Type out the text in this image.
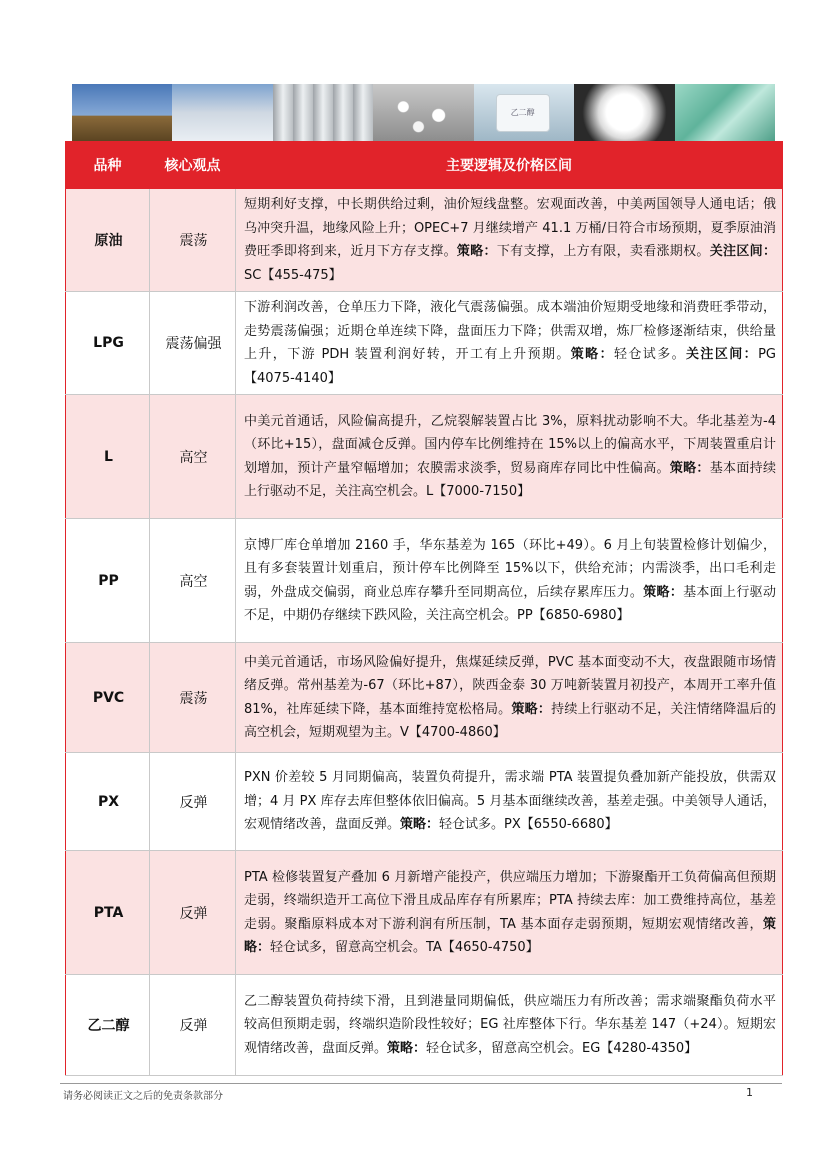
乙二醇
品种	核心观点	主要逻辑及价格区间
原油	震荡	短期利好支撑，中长期供给过剩，油价短线盘整。宏观面改善，中美两国领导人通电话；俄乌冲突升温，地缘风险上升；OPEC+7 月继续增产 41.1 万桶/日符合市场预期，夏季原油消费旺季即将到来，近月下方存支撑。策略：下有支撑，上方有限，卖看涨期权。关注区间：SC【455-475】
LPG	震荡偏强	下游利润改善，仓单压力下降，液化气震荡偏强。成本端油价短期受地缘和消费旺季带动，走势震荡偏强；近期仓单连续下降，盘面压力下降；供需双增，炼厂检修逐渐结束，供给量上升，下游 PDH 装置利润好转，开工有上升预期。策略：轻仓试多。关注区间：PG【4075-4140】
L	高空	中美元首通话，风险偏高提升，乙烷裂解装置占比 3%，原料扰动影响不大。华北基差为-4（环比+15），盘面减仓反弹。国内停车比例维持在 15%以上的偏高水平，下周装置重启计划增加，预计产量窄幅增加；农膜需求淡季，贸易商库存同比中性偏高。策略：基本面持续上行驱动不足，关注高空机会。L【7000-7150】
PP	高空	京博厂库仓单增加 2160 手，华东基差为 165（环比+49）。6 月上旬装置检修计划偏少，且有多套装置计划重启，预计停车比例降至 15%以下，供给充沛；内需淡季，出口毛利走弱，外盘成交偏弱，商业总库存攀升至同期高位，后续存累库压力。策略：基本面上行驱动不足，中期仍存继续下跌风险，关注高空机会。PP【6850-6980】
PVC	震荡	中美元首通话，市场风险偏好提升，焦煤延续反弹，PVC 基本面变动不大，夜盘跟随市场情绪反弹。常州基差为-67（环比+87），陕西金泰 30 万吨新装置月初投产，本周开工率升值 81%，社库延续下降，基本面维持宽松格局。策略：持续上行驱动不足，关注情绪降温后的高空机会，短期观望为主。V【4700-4860】
PX	反弹	PXN 价差较 5 月同期偏高，装置负荷提升，需求端 PTA 装置提负叠加新产能投放，供需双增；4 月 PX 库存去库但整体依旧偏高。5 月基本面继续改善，基差走强。中美领导人通话，宏观情绪改善，盘面反弹。策略：轻仓试多。PX【6550-6680】
PTA	反弹	PTA 检修装置复产叠加 6 月新增产能投产，供应端压力增加；下游聚酯开工负荷偏高但预期走弱，终端织造开工高位下滑且成品库存有所累库；PTA 持续去库：加工费维持高位，基差走弱。聚酯原料成本对下游利润有所压制，TA 基本面存走弱预期，短期宏观情绪改善，策略：轻仓试多，留意高空机会。TA【4650-4750】
乙二醇	反弹	乙二醇装置负荷持续下滑，且到港量同期偏低，供应端压力有所改善；需求端聚酯负荷水平较高但预期走弱，终端织造阶段性较好；EG 社库整体下行。华东基差 147（+24）。短期宏观情绪改善，盘面反弹。策略：轻仓试多，留意高空机会。EG【4280-4350】
请务必阅读正文之后的免责条款部分	1
